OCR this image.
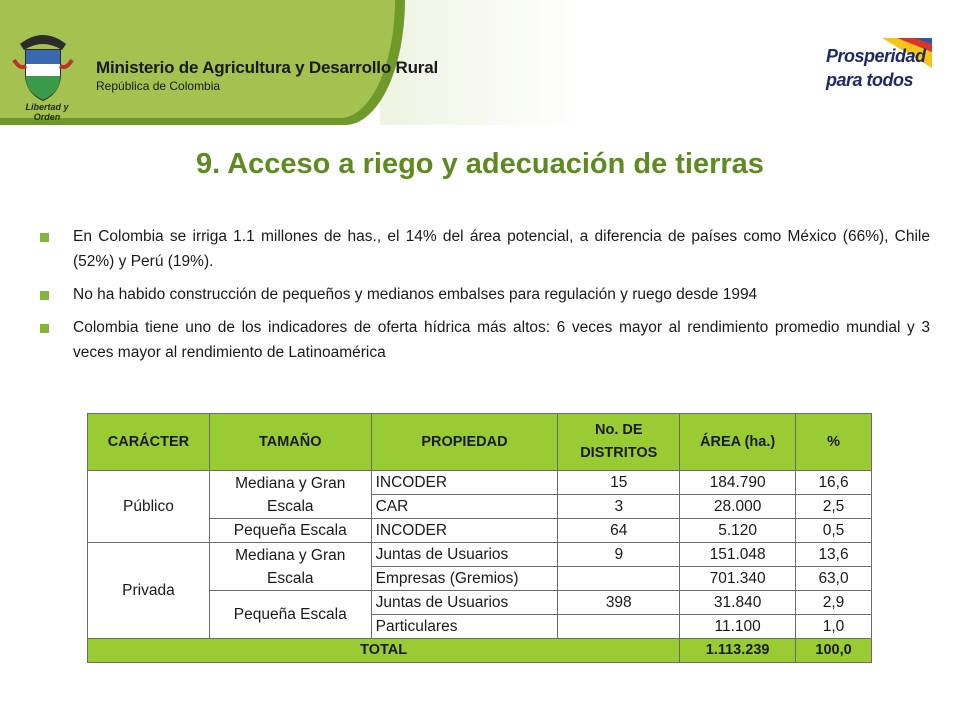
Libertad y Orden
Ministerio de Agricultura y Desarrollo Rural
República de Colombia
Prosperidad
para todos
9. Acceso a riego y adecuación de tierras
En Colombia se irriga 1.1 millones de has., el 14% del área potencial, a diferencia de países como México (66%), Chile (52%) y Perú (19%).
No ha habido construcción de pequeños y medianos embalses para regulación y ruego desde 1994
Colombia tiene uno de los indicadores de oferta hídrica más altos: 6 veces mayor al rendimiento promedio mundial y 3 veces mayor al rendimiento de Latinoamérica
CARÁCTER	TAMAÑO	PROPIEDAD	No. DE DISTRITOS	ÁREA (ha.)	%
Público	Mediana y Gran Escala	INCODER	15	184.790	16,6
		CAR	3	28.000	2,5
	Pequeña Escala	INCODER	64	5.120	0,5
Privada	Mediana y Gran Escala	Juntas de Usuarios	9	151.048	13,6
		Empresas (Gremios)		701.340	63,0
	Pequeña Escala	Juntas de Usuarios	398	31.840	2,9
		Particulares		11.100	1,0
TOTAL				1.113.239	100,0
